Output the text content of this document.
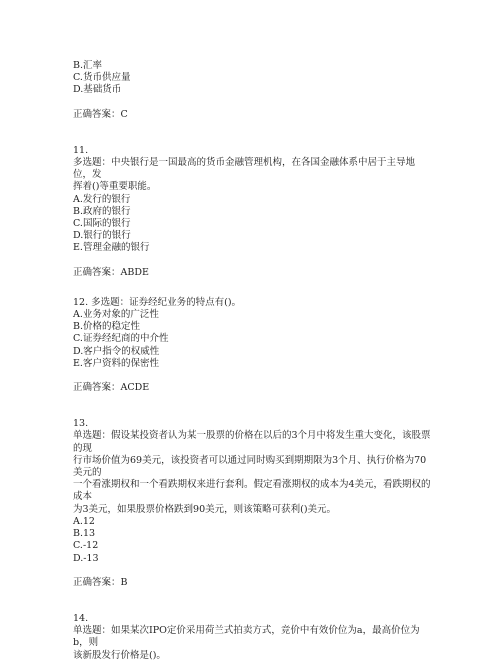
B.汇率

C.货币供应量

D.基础货币

正确答案：C

11.

多选题：中央银行是一国最高的货币金融管理机构，在各国金融体系中居于主导地位，发

挥着()等重要职能。

A.发行的银行

B.政府的银行

C.国际的银行

D.银行的银行

E.管理金融的银行

正确答案：ABDE

12. 多选题：证券经纪业务的特点有()。

A.业务对象的广泛性

B.价格的稳定性

C.证券经纪商的中介性

D.客户指令的权威性

E.客户资料的保密性

正确答案：ACDE

13.

单选题：假设某投资者认为某一股票的价格在以后的3个月中将发生重大变化，该股票的现

行市场价值为69美元，该投资者可以通过同时购买到期期限为3个月、执行价格为70美元的

一个看涨期权和一个看跌期权来进行套利。假定看涨期权的成本为4美元，看跌期权的成本

为3美元，如果股票价格跌到90美元，则该策略可获利()美元。

A.12

B.13

C.-12

D.-13

正确答案：B

14.

单选题：如果某次IPO定价采用荷兰式拍卖方式，竞价中有效价位为a，最高价位为b，则

该新股发行价格是()。
